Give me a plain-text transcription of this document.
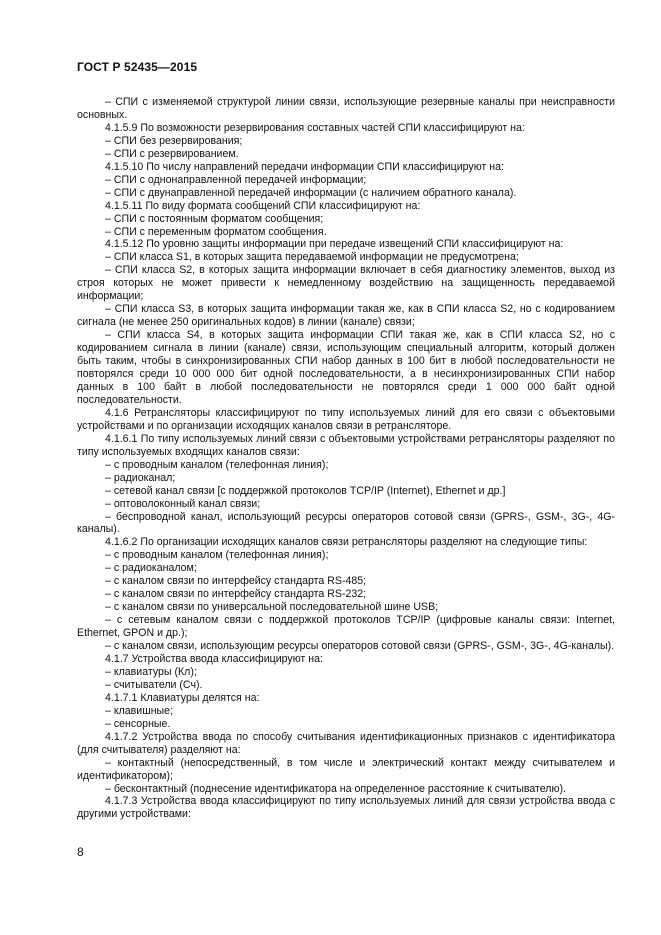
ГОСТ Р 52435—2015

– СПИ с изменяемой структурой линии связи, использующие резервные каналы при неисправности основных.

4.1.5.9 По возможности резервирования составных частей СПИ классифицируют на:

– СПИ без резервирования;

– СПИ с резервированием.

4.1.5.10 По числу направлений передачи информации СПИ классифицируют на:

– СПИ с однонаправленной передачей информации;

– СПИ с двунаправленной передачей информации (с наличием обратного канала).

4.1.5.11 По виду формата сообщений СПИ классифицируют на:

– СПИ с постоянным форматом сообщения;

– СПИ с переменным форматом сообщения.

4.1.5.12 По уровню защиты информации при передаче извещений СПИ классифицируют на:

– СПИ класса S1, в которых защита передаваемой информации не предусмотрена;

– СПИ класса S2, в которых защита информации включает в себя диагностику элементов, выход из строя которых не может привести к немедленному воздействию на защищенность передаваемой информации;

– СПИ класса S3, в которых защита информации такая же, как в СПИ класса S2, но с кодированием сигнала (не менее 250 оригинальных кодов) в линии (канале) связи;

– СПИ класса S4, в которых защита информации СПИ такая же, как в СПИ класса S2, но с кодированием сигнала в линии (канале) связи, использующим специальный алгоритм, который должен быть таким, чтобы в синхронизированных СПИ набор данных в 100 бит в любой последовательности не повторялся среди 10 000 000 бит одной последовательности, а в несинхронизированных СПИ набор данных в 100 байт в любой последовательности не повторялся среди 1 000 000 байт одной последовательности.

4.1.6 Ретрансляторы классифицируют по типу используемых линий для его связи с объектовыми устройствами и по организации исходящих каналов связи в ретрансляторе.

4.1.6.1 По типу используемых линий связи с объектовыми устройствами ретрансляторы разделяют по типу используемых входящих каналов связи:

– с проводным каналом (телефонная линия);

– радиоканал;

– сетевой канал связи [с поддержкой протоколов TCP/IP (Internet), Ethernet и др.]

– оптоволоконный канал связи;

– беспроводной канал, использующий ресурсы операторов сотовой связи (GPRS-, GSM-, 3G-, 4G-каналы).

4.1.6.2 По организации исходящих каналов связи ретрансляторы разделяют на следующие типы:

– с проводным каналом (телефонная линия);

– с радиоканалом;

– с каналом связи по интерфейсу стандарта RS-485;

– с каналом связи по интерфейсу стандарта RS-232;

– с каналом связи по универсальной последовательной шине USB;

– с сетевым каналом связи с поддержкой протоколов TCP/IP (цифровые каналы связи: Internet, Ethernet, GPON и др.);

– с каналом связи, использующим ресурсы операторов сотовой связи (GPRS-, GSM-, 3G-, 4G-каналы).

4.1.7 Устройства ввода классифицируют на:

– клавиатуры (Кл);

– считыватели (Сч).

4.1.7.1 Клавиатуры делятся на:

– клавишные;

– сенсорные.

4.1.7.2 Устройства ввода по способу считывания идентификационных признаков с идентификатора (для считывателя) разделяют на:

– контактный (непосредственный, в том числе и электрический контакт между считывателем и идентификатором);

– бесконтактный (поднесение идентификатора на определенное расстояние к считывателю).

4.1.7.3 Устройства ввода классифицируют по типу используемых линий для связи устройства ввода с другими устройствами:

8
